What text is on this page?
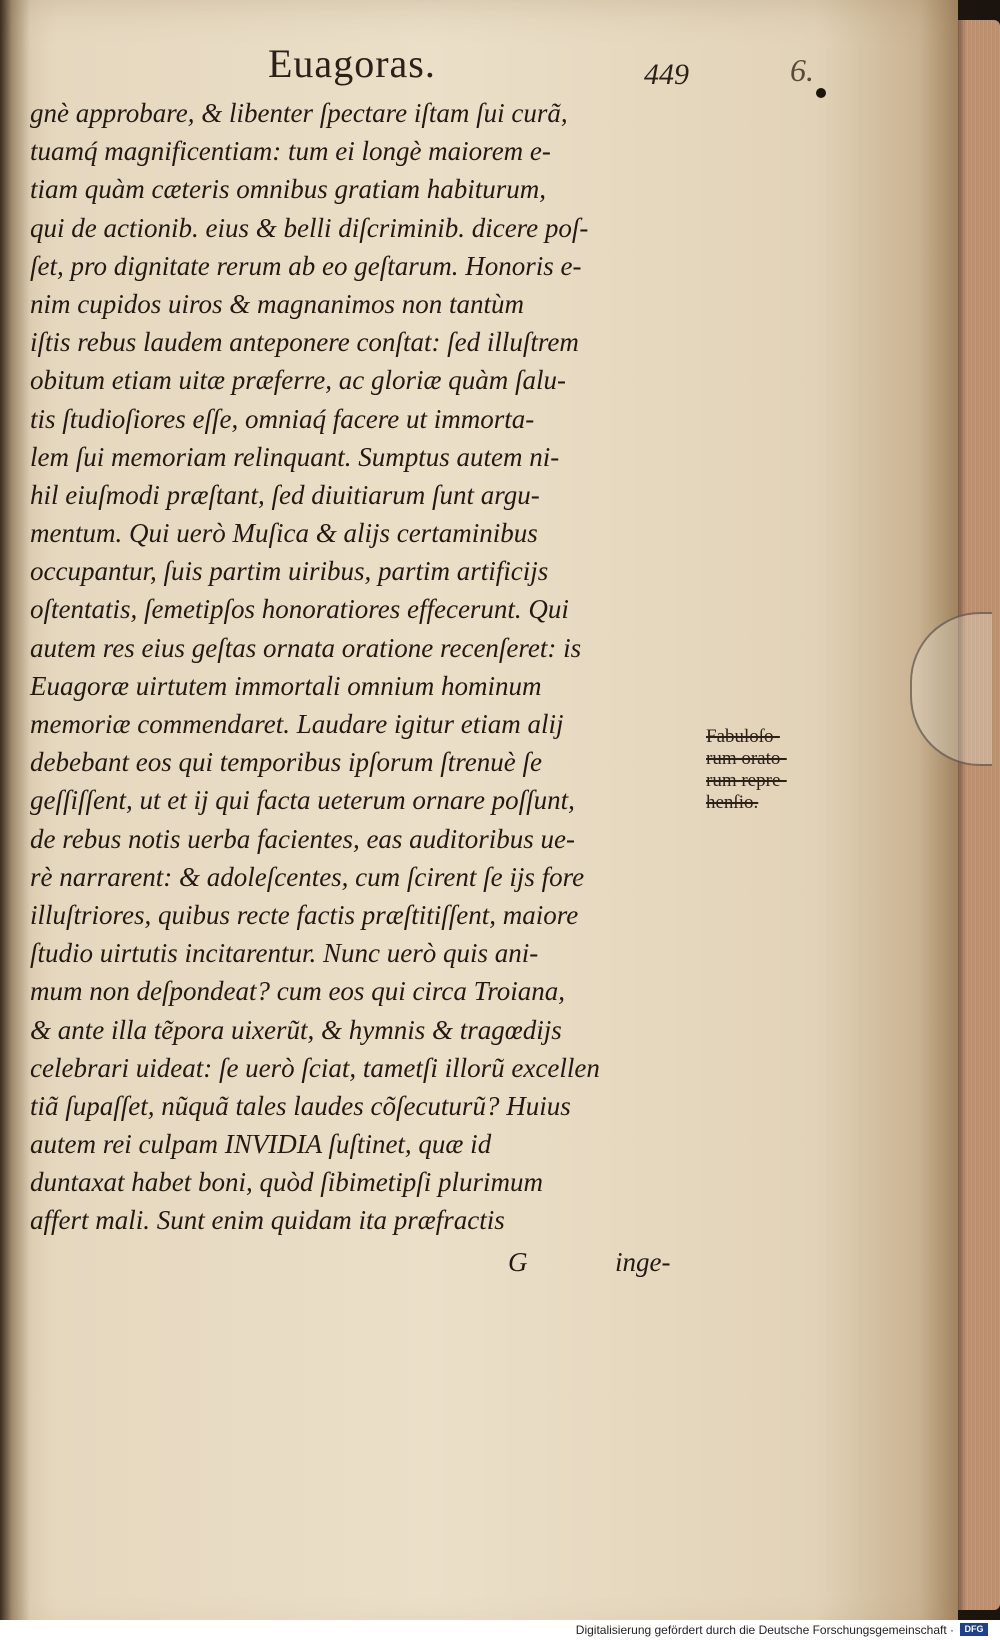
Euagoras.	449	6.
gnè approbare, & libenter ſpectare iſtam ſui curã,
tuamq́ magnificentiam: tum ei longè maiorem e-
tiam quàm cæteris omnibus gratiam habiturum,
qui de actionib. eius & belli diſcriminib. dicere poſ-
ſet, pro dignitate rerum ab eo geſtarum. Honoris e-
nim cupidos uiros & magnanimos non tantùm
iſtis rebus laudem anteponere conſtat: ſed illuſtrem
obitum etiam uitæ præferre, ac gloriæ quàm ſalu-
tis ſtudioſiores eſſe, omniaq́ facere ut immorta-
lem ſui memoriam relinquant. Sumptus autem ni-
hil eiuſmodi præſtant, ſed diuitiarum ſunt argu-
mentum. Qui uerò Muſica & alijs certaminibus
occupantur, ſuis partim uiribus, partim artificijs
oſtentatis, ſemetipſos honoratiores effecerunt. Qui
autem res eius geſtas ornata oratione recenſeret: is
Euagoræ uirtutem immortali omnium hominum
memoriæ commendaret. Laudare igitur etiam alij
debebant eos qui temporibus ipſorum ſtrenuè ſe
geſſiſſent, ut et ij qui facta ueterum ornare poſſunt,
de rebus notis uerba facientes, eas auditoribus ue-
rè narrarent: & adoleſcentes, cum ſcirent ſe ijs fore
illuſtriores, quibus recte factis præſtitiſſent, maiore
ſtudio uirtutis incitarentur. Nunc uerò quis ani-
mum non deſpondeat? cum eos qui circa Troiana,
& ante illa tẽpora uixerũt, & hymnis & tragœdijs
celebrari uideat: ſe uerò ſciat, tametſi illorũ excellen
tiã ſupaſſet, nũquã tales laudes cõſecuturũ? Huius
autem rei culpam INVIDIA ſuſtinet, quæ id
duntaxat habet boni, quòd ſibimetipſi plurimum
affert mali. Sunt enim quidam ita præfractis
G	inge-
Fabuloſo-
rum orato-
rum repre-
henſio.
Digitalisierung gefördert durch die Deutsche Forschungsgemeinschaft ·	DFG
